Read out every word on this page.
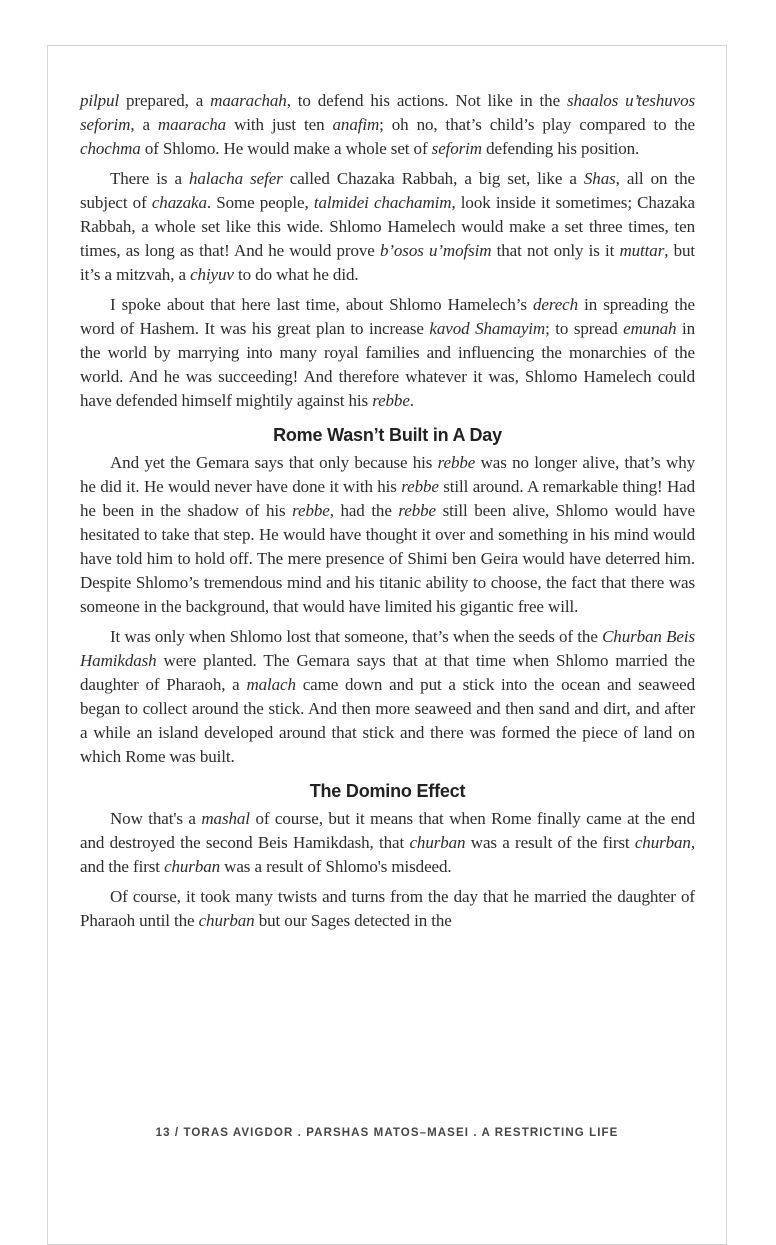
pilpul prepared, a maarachah, to defend his actions. Not like in the shaalos u’teshuvos seforim, a maaracha with just ten anafim; oh no, that’s child’s play compared to the chochma of Shlomo. He would make a whole set of seforim defending his position.

There is a halacha sefer called Chazaka Rabbah, a big set, like a Shas, all on the subject of chazaka. Some people, talmidei chachamim, look inside it sometimes; Chazaka Rabbah, a whole set like this wide. Shlomo Hamelech would make a set three times, ten times, as long as that! And he would prove b’osos u’mofsim that not only is it muttar, but it’s a mitzvah, a chiyuv to do what he did.

I spoke about that here last time, about Shlomo Hamelech’s derech in spreading the word of Hashem. It was his great plan to increase kavod Shamayim; to spread emunah in the world by marrying into many royal families and influencing the monarchies of the world. And he was succeeding! And therefore whatever it was, Shlomo Hamelech could have defended himself mightily against his rebbe.

Rome Wasn’t Built in A Day

And yet the Gemara says that only because his rebbe was no longer alive, that’s why he did it. He would never have done it with his rebbe still around. A remarkable thing! Had he been in the shadow of his rebbe, had the rebbe still been alive, Shlomo would have hesitated to take that step. He would have thought it over and something in his mind would have told him to hold off. The mere presence of Shimi ben Geira would have deterred him. Despite Shlomo’s tremendous mind and his titanic ability to choose, the fact that there was someone in the background, that would have limited his gigantic free will.

It was only when Shlomo lost that someone, that’s when the seeds of the Churban Beis Hamikdash were planted. The Gemara says that at that time when Shlomo married the daughter of Pharaoh, a malach came down and put a stick into the ocean and seaweed began to collect around the stick. And then more seaweed and then sand and dirt, and after a while an island developed around that stick and there was formed the piece of land on which Rome was built.

The Domino Effect

Now that's a mashal of course, but it means that when Rome finally came at the end and destroyed the second Beis Hamikdash, that churban was a result of the first churban, and the first churban was a result of Shlomo's misdeed.

Of course, it took many twists and turns from the day that he married the daughter of Pharaoh until the churban but our Sages detected in the

13 / TORAS AVIGDOR . PARSHAS MATOS–MASEI . A RESTRICTING LIFE
